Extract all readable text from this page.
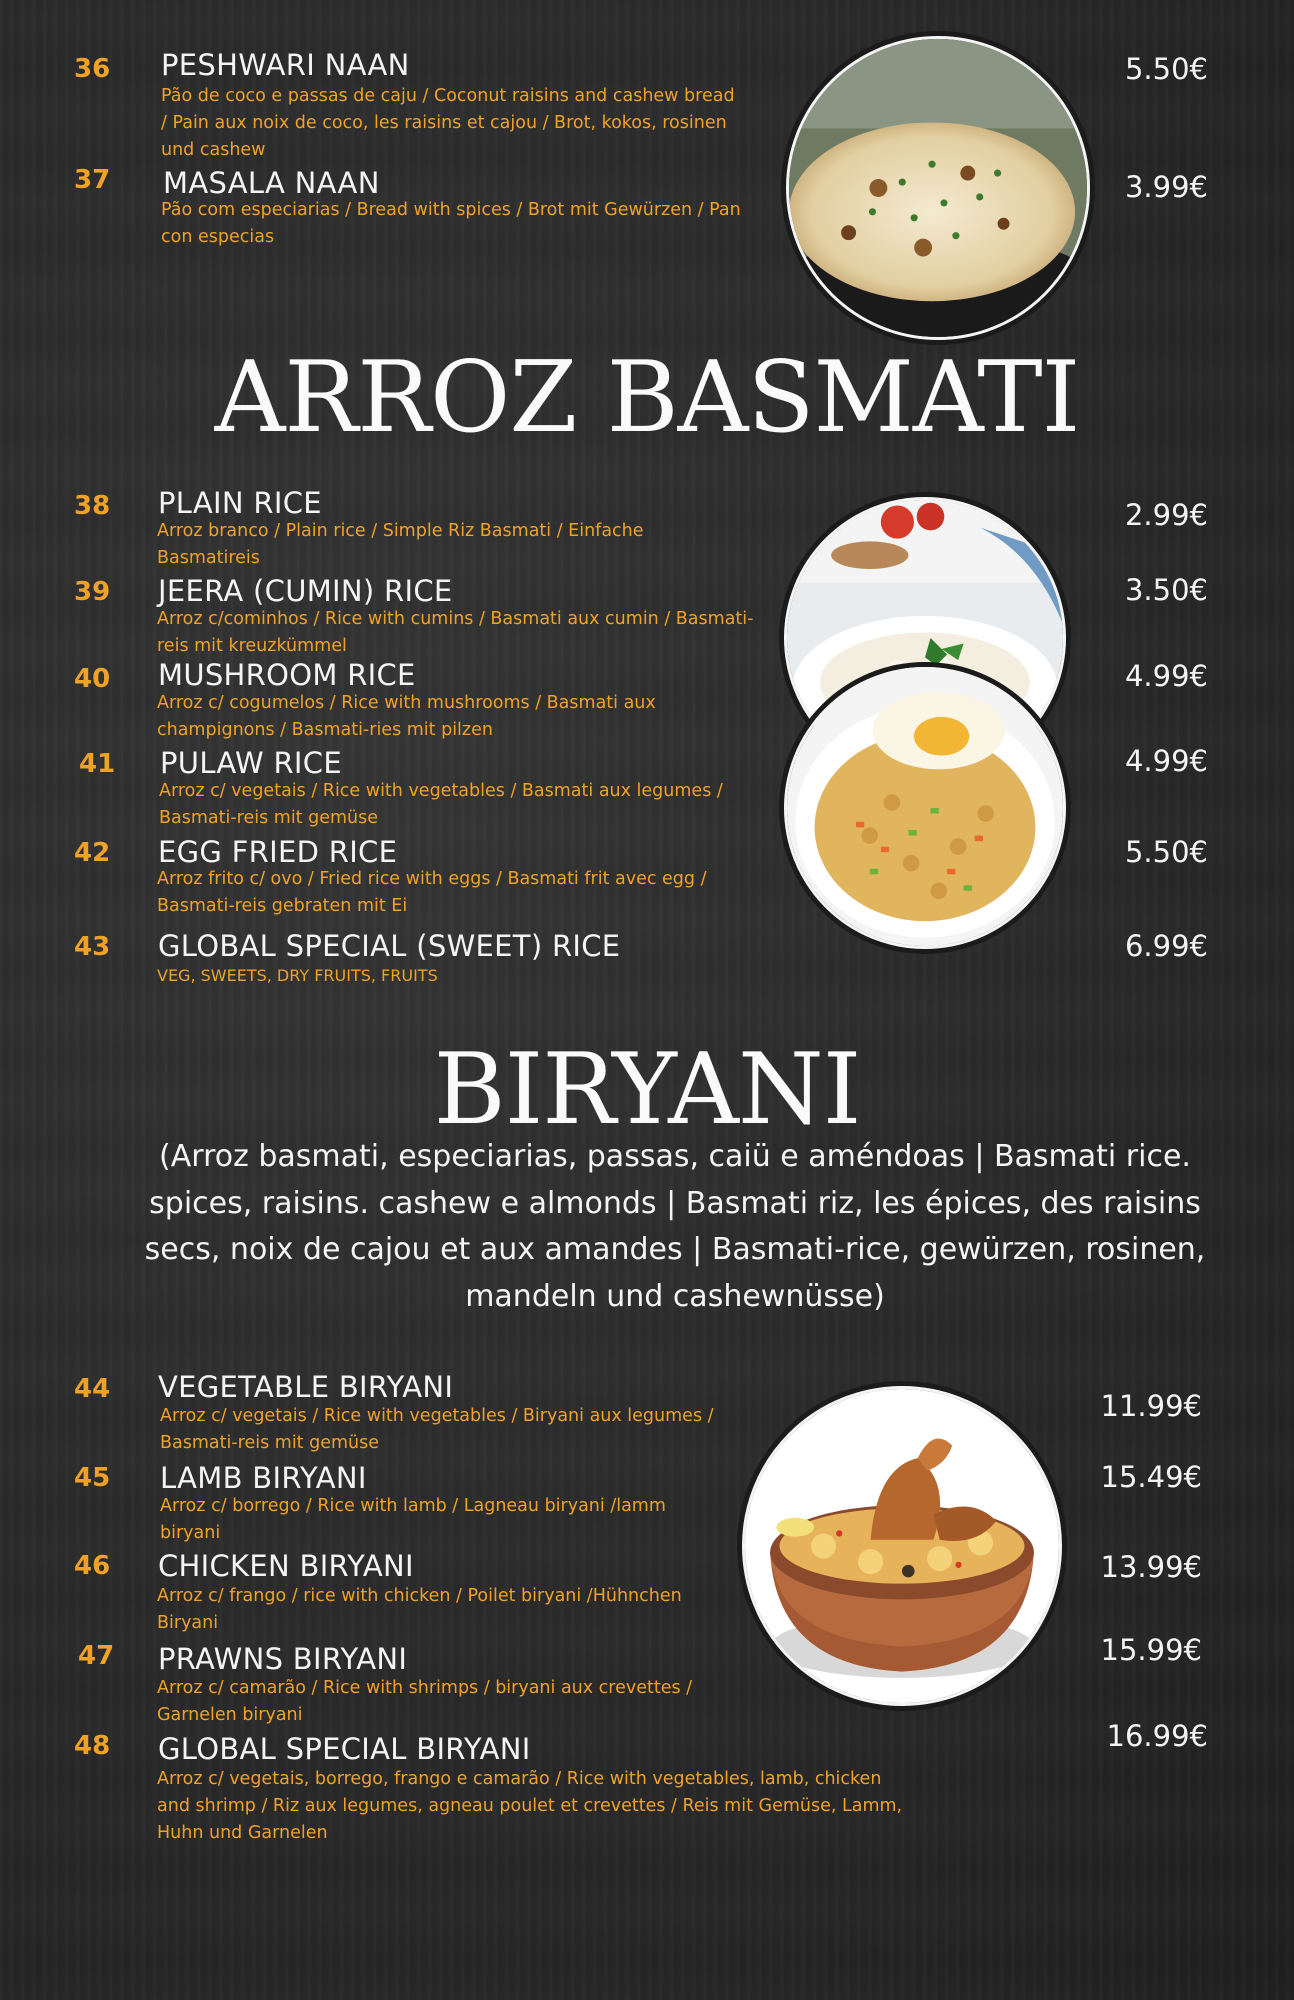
36	PESHWARI NAAN
Pão de coco e passas de caju / Coconut raisins and cashew bread / Pain aux noix de coco, les raisins et cajou / Brot, kokos, rosinen und cashew
5.50€
37	MASALA NAAN
Pão com especiarias / Bread with spices / Brot mit Gewürzen / Pan con especias
3.99€
ARROZ BASMATI
38	PLAIN RICE
Arroz branco / Plain rice / Simple Riz Basmati / Einfache Basmatireis
2.99€
39	JEERA (CUMIN) RICE
Arroz c/cominhos / Rice with cumins / Basmati aux cumin / Basmati-reis mit kreuzkümmel
3.50€
40	MUSHROOM RICE
Arroz c/ cogumelos / Rice with mushrooms / Basmati aux champignons / Basmati-ries mit pilzen
4.99€
41	PULAW RICE
Arroz c/ vegetais / Rice with vegetables / Basmati aux legumes / Basmati-reis mit gemüse
4.99€
42	EGG FRIED RICE
Arroz frito c/ ovo / Fried rice with eggs / Basmati frit avec egg / Basmati-reis gebraten mit Ei
5.50€
43	GLOBAL SPECIAL (SWEET) RICE
VEG, SWEETS, DRY FRUITS, FRUITS
6.99€
BIRYANI
(Arroz basmati, especiarias, passas, caiü e améndoas | Basmati rice. spices, raisins. cashew e almonds | Basmati riz, les épices, des raisins secs, noix de cajou et aux amandes | Basmati-rice, gewürzen, rosinen, mandeln und cashewnüsse)
44	VEGETABLE BIRYANI
Arroz c/ vegetais / Rice with vegetables / Biryani aux legumes / Basmati-reis mit gemüse
11.99€
45	LAMB BIRYANI
Arroz c/ borrego / Rice with lamb / Lagneau biryani /lamm biryani
15.49€
46	CHICKEN BIRYANI
Arroz c/ frango / rice with chicken / Poilet biryani /Hühnchen Biryani
13.99€
47	PRAWNS BIRYANI
Arroz c/ camarão / Rice with shrimps / biryani aux crevettes / Garnelen biryani
15.99€
48	GLOBAL SPECIAL BIRYANI
Arroz c/ vegetais, borrego, frango e camarão / Rice with vegetables, lamb, chicken and shrimp / Riz aux legumes, agneau poulet et crevettes / Reis mit Gemüse, Lamm, Huhn und Garnelen
16.99€
